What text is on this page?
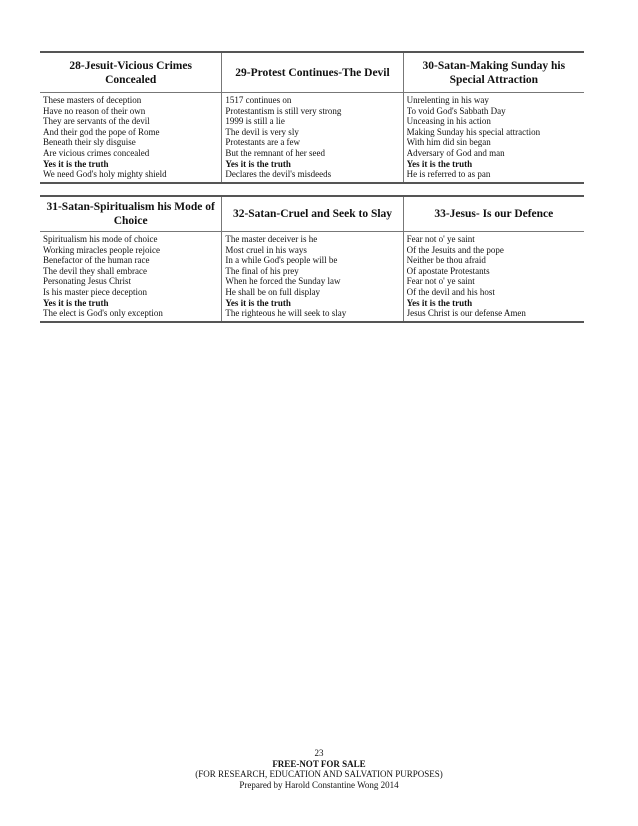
28-Jesuit-Vicious Crimes Concealed
29-Protest Continues-The Devil
30-Satan-Making Sunday his Special Attraction
These masters of deception
Have no reason of their own
They are servants of the devil
And their god the pope of Rome
Beneath their sly disguise
Are vicious crimes concealed
Yes it is the truth
We need God's holy mighty shield
1517 continues on
Protestantism is still very strong
1999 is still a lie
The devil is very sly
Protestants are a few
But the remnant of her seed
Yes it is the truth
Declares the devil's misdeeds
Unrelenting in his way
To void God's Sabbath Day
Unceasing in his action
Making Sunday his special attraction
With him did sin began
Adversary of God and man
Yes it is the truth
He is referred to as pan
31-Satan-Spiritualism his Mode of Choice
32-Satan-Cruel and Seek to Slay	33-Jesus- Is our Defence
Spiritualism his mode of choice
Working miracles people rejoice
Benefactor of the human race
The devil they shall embrace
Personating Jesus Christ
Is his master piece deception
Yes it is the truth
The elect is God's only exception
The master deceiver is he
Most cruel in his ways
In a while God's people will be
The final of his prey
When he forced the Sunday law
He shall be on full display
Yes it is the truth
The righteous he will seek to slay
Fear not o' ye saint
Of the Jesuits and the pope
Neither be thou afraid
Of apostate Protestants
Fear not o' ye saint
Of the devil and his host
Yes it is the truth
Jesus Christ is our defense Amen
23
FREE-NOT FOR SALE
(FOR RESEARCH, EDUCATION AND SALVATION PURPOSES)
Prepared by Harold Constantine Wong 2014
